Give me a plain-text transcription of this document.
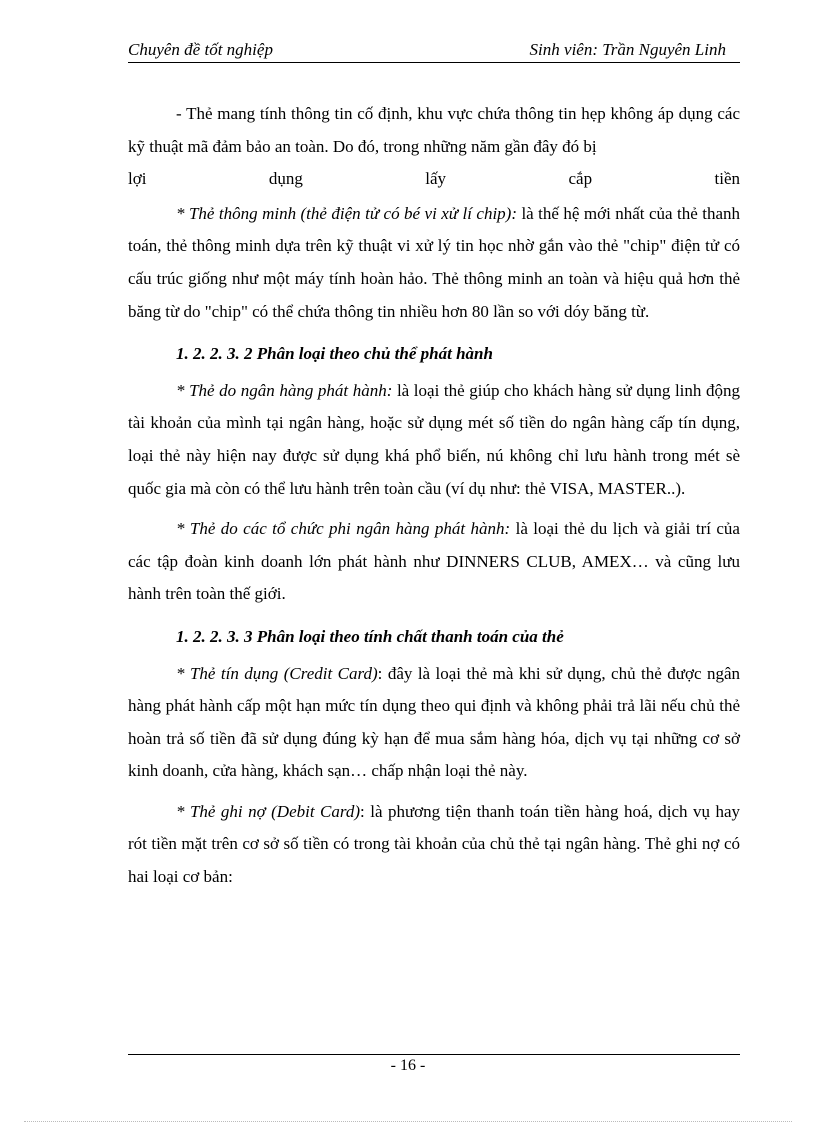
Chuyên đề tốt nghiệp	Sinh viên: Trần Nguyên Linh

- Thẻ mang tính thông tin cố định, khu vực chứa thông tin hẹp không áp dụng các kỹ thuật mã đảm bảo an toàn. Do đó, trong những năm gần đây đó bị

lợi dụng lấy cắp tiền

* Thẻ thông minh (thẻ điện tử có bé vi xử lí chip): là thế hệ mới nhất của thẻ thanh toán, thẻ thông minh dựa trên kỹ thuật vi xử lý tin học nhờ gắn vào thẻ "chip" điện tử có cấu trúc giống như một máy tính hoàn hảo. Thẻ thông minh an toàn và hiệu quả hơn thẻ băng từ do "chip" có thể chứa thông tin nhiều hơn 80 lần so với dóy băng từ.

1. 2. 2. 3. 2 Phân loại theo chủ thể phát hành

* Thẻ do ngân hàng phát hành: là loại thẻ giúp cho khách hàng sử dụng linh động tài khoản của mình tại ngân hàng, hoặc sử dụng mét số tiền do ngân hàng cấp tín dụng, loại thẻ này hiện nay được sử dụng khá phổ biến, nú không chỉ lưu hành trong mét sè quốc gia mà còn có thể lưu hành trên toàn cầu (ví dụ như: thẻ VISA, MASTER..).

* Thẻ do các tổ chức phi ngân hàng phát hành: là loại thẻ du lịch và giải trí của các tập đoàn kinh doanh lớn phát hành như DINNERS CLUB, AMEX… và cũng lưu hành trên toàn thế giới.

1. 2. 2. 3. 3 Phân loại theo tính chất thanh toán của thẻ

* Thẻ tín dụng (Credit Card): đây là loại thẻ mà khi sử dụng, chủ thẻ được ngân hàng phát hành cấp một hạn mức tín dụng theo qui định và không phải trả lãi nếu chủ thẻ hoàn trả số tiền đã sử dụng đúng kỳ hạn để mua sắm hàng hóa, dịch vụ tại những cơ sở kinh doanh, cửa hàng, khách sạn… chấp nhận loại thẻ này.

* Thẻ ghi nợ (Debit Card): là phương tiện thanh toán tiền hàng hoá, dịch vụ hay rót tiền mặt trên cơ sở số tiền có trong tài khoản của chủ thẻ tại ngân hàng. Thẻ ghi nợ có hai loại cơ bản:

- 16 -
